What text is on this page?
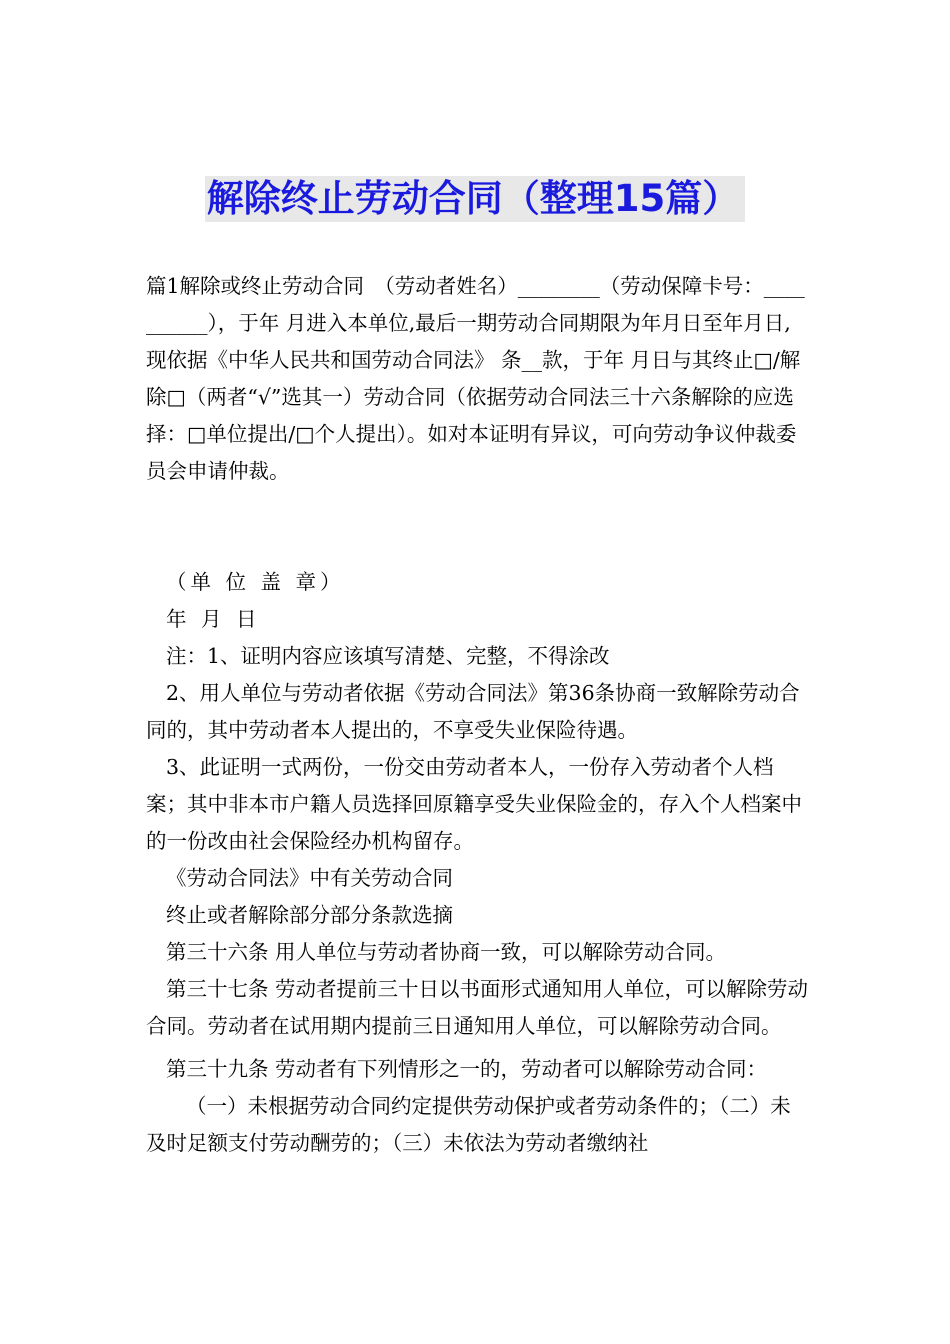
解除终止劳动合同（整理15篇）

篇1解除或终止劳动合同　（劳动者姓名）________（劳动保障卡号：__________），于年 月进入本单位,最后一期劳动合同期限为年月日至年月日,现依据《中华人民共和国劳动合同法》 条__款，于年 月日与其终止□/解除□（两者“√”选其一）劳动合同（依据劳动合同法三十六条解除的应选择：□单位提出/□个人提出）。如对本证明有异议，可向劳动争议仲裁委员会申请仲裁。

（单 位 盖 章）

年 月 日

注：1、证明内容应该填写清楚、完整，不得涂改

2、用人单位与劳动者依据《劳动合同法》第36条协商一致解除劳动合同的，其中劳动者本人提出的，不享受失业保险待遇。

3、此证明一式两份，一份交由劳动者本人，一份存入劳动者个人档案；其中非本市户籍人员选择回原籍享受失业保险金的，存入个人档案中的一份改由社会保险经办机构留存。

《劳动合同法》中有关劳动合同

终止或者解除部分部分条款选摘

第三十六条 用人单位与劳动者协商一致，可以解除劳动合同。

第三十七条 劳动者提前三十日以书面形式通知用人单位，可以解除劳动合同。劳动者在试用期内提前三日通知用人单位，可以解除劳动合同。

第三十九条 劳动者有下列情形之一的，劳动者可以解除劳动合同：

（一）未根据劳动合同约定提供劳动保护或者劳动条件的；（二）未及时足额支付劳动酬劳的；（三）未依法为劳动者缴纳社
